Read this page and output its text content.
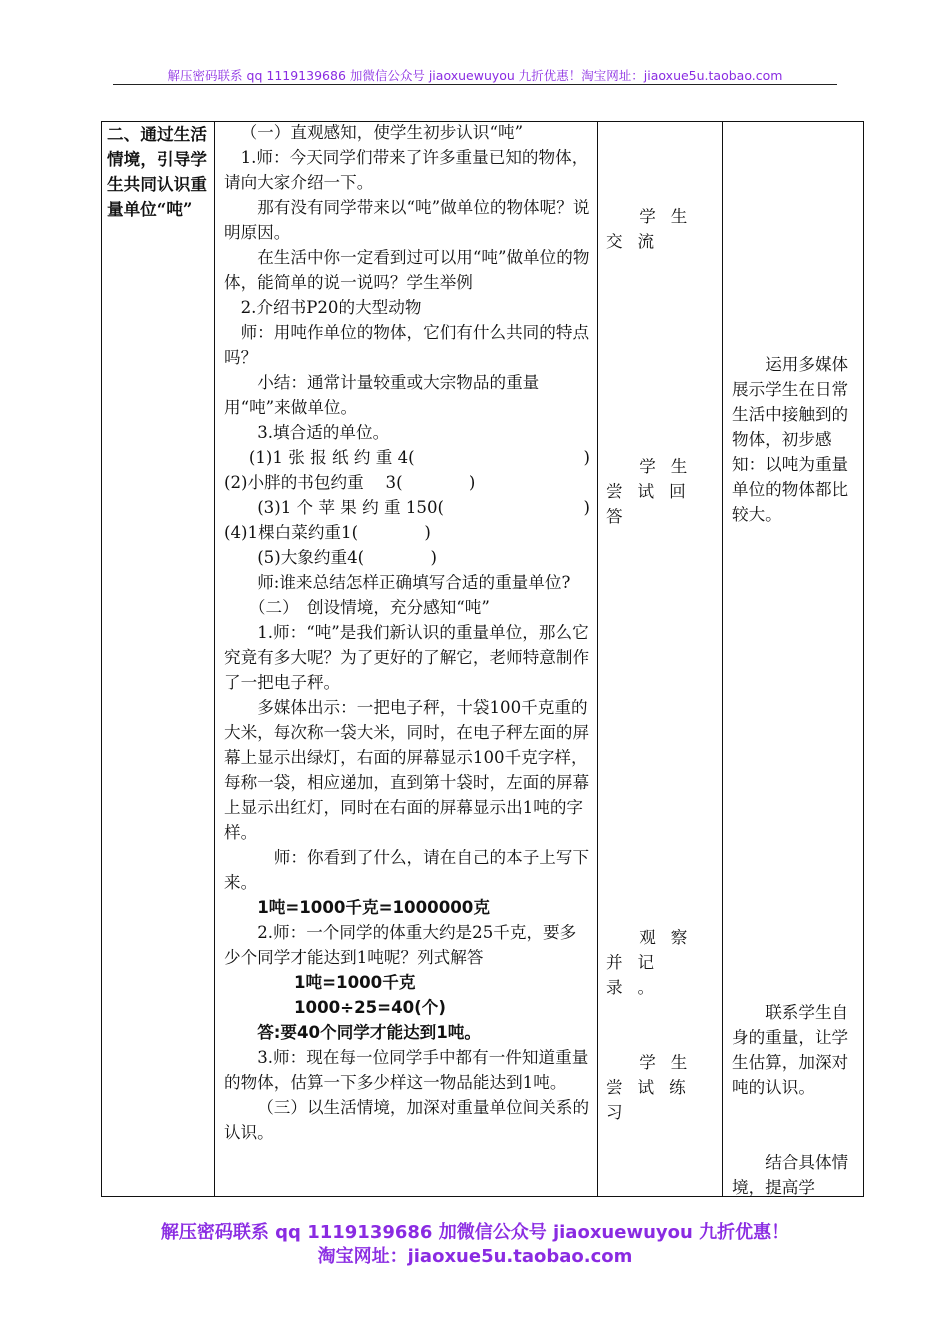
解压密码联系 qq 1119139686 加微信公众号 jiaoxuewuyou 九折优惠！淘宝网址：jiaoxue5u.taobao.com
二、通过生活情境，引导学生共同认识重量单位“吨”

（一）直观感知，使学生初步认识“吨”

1.师：今天同学们带来了许多重量已知的物体，请向大家介绍一下。

那有没有同学带来以“吨”做单位的物体呢？说明原因。

在生活中你一定看到过可以用“吨”做单位的物体，能简单的说一说吗？学生举例

2.介绍书P20的大型动物

师：用吨作单位的物体，它们有什么共同的特点吗？

小结：通常计量较重或大宗物品的重量用“吨”来做单位。

3.填合适的单位。

(1)1 张 报 纸 约 重 4(	)

(2)小胖的书包约重　 3(　　　　)

(3)1 个 苹 果 约 重 150(	)

(4)1棵白菜约重1(　　　　)

(5)大象约重4(　　　　)

师:谁来总结怎样正确填写合适的重量单位?

（二）　创设情境，充分感知“吨”

1.师：“吨”是我们新认识的重量单位，那么它究竟有多大呢？为了更好的了解它，老师特意制作了一把电子秤。

多媒体出示：一把电子秤，十袋100千克重的大米，每次称一袋大米，同时，在电子秤左面的屏幕上显示出绿灯，右面的屏幕显示100千克字样，每称一袋，相应递加，直到第十袋时，左面的屏幕上显示出红灯，同时在右面的屏幕显示出1吨的字样。

师：你看到了什么，请在自己的本子上写下来。

1吨=1000千克=1000000克

2.师：一个同学的体重大约是25千克，要多少个同学才能达到1吨呢？列式解答

1吨=1000千克

1000÷25=40(个)

答:要40个同学才能达到1吨。

3.师：现在每一位同学手中都有一件知道重量的物体，估算一下多少样这一物品能达到1吨。

（三）以生活情境，加深对重量单位间关系的认识。

学生交流
学生尝试回答
观察并记录。
学生尝试练习
运用多媒体展示学生在日常生活中接触到的物体，初步感知：以吨为重量单位的物体都比较大。
联系学生自身的重量，让学生估算，加深对吨的认识。
结合具体情境，提高学
解压密码联系 qq 1119139686 加微信公众号 jiaoxuewuyou 九折优惠！
淘宝网址：jiaoxue5u.taobao.com
